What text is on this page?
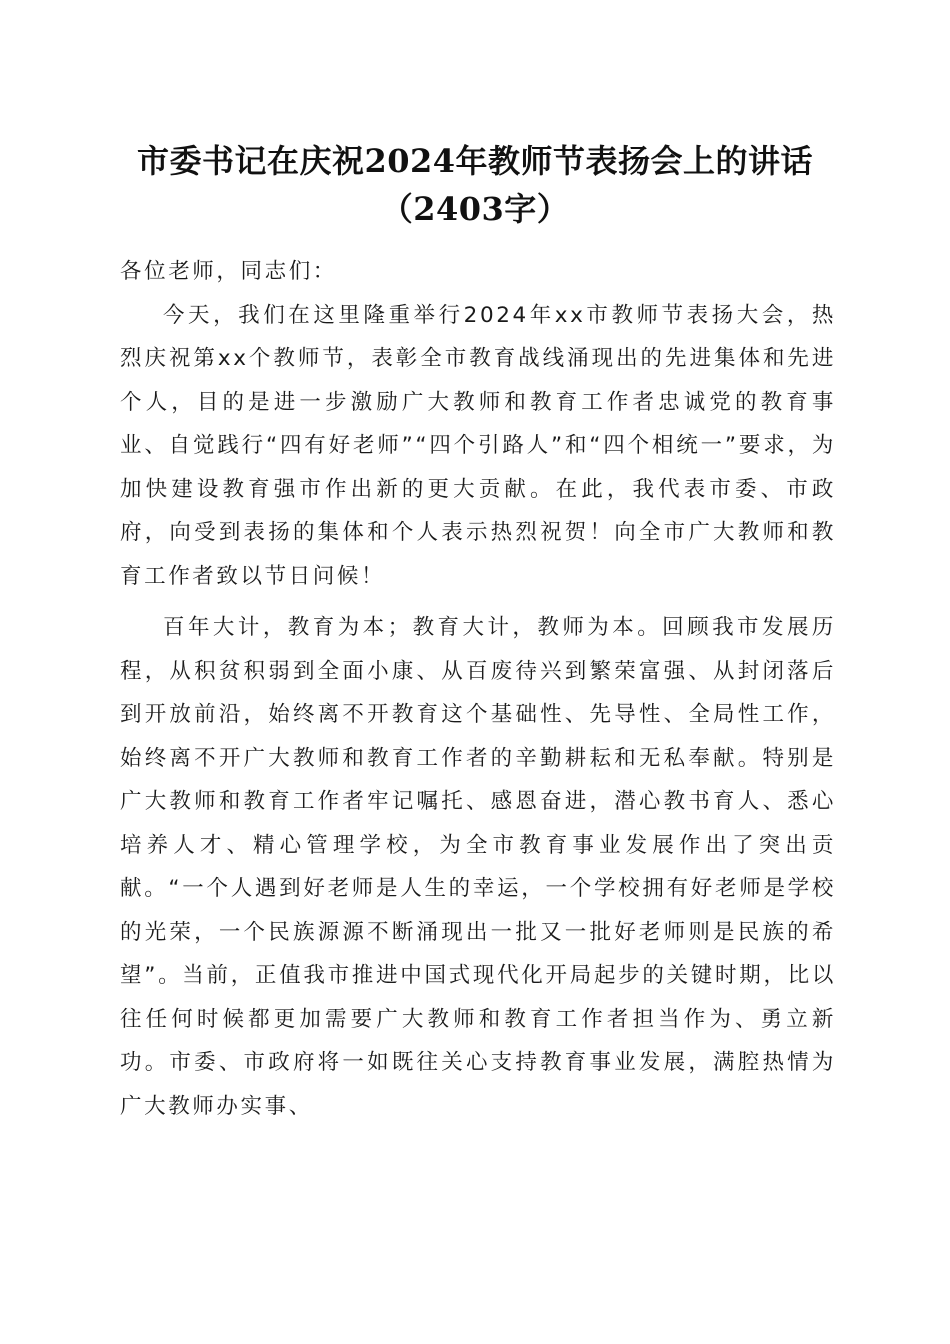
市委书记在庆祝2024年教师节表扬会上的讲话（2403字）

各位老师，同志们：

今天，我们在这里隆重举行2024年xx市教师节表扬大会，热烈庆祝第xx个教师节，表彰全市教育战线涌现出的先进集体和先进个人，目的是进一步激励广大教师和教育工作者忠诚党的教育事业、自觉践行“四有好老师”“四个引路人”和“四个相统一”要求，为加快建设教育强市作出新的更大贡献。在此，我代表市委、市政府，向受到表扬的集体和个人表示热烈祝贺！向全市广大教师和教育工作者致以节日问候！

百年大计，教育为本；教育大计，教师为本。回顾我市发展历程，从积贫积弱到全面小康、从百废待兴到繁荣富强、从封闭落后到开放前沿，始终离不开教育这个基础性、先导性、全局性工作，始终离不开广大教师和教育工作者的辛勤耕耘和无私奉献。特别是广大教师和教育工作者牢记嘱托、感恩奋进，潜心教书育人、悉心培养人才、精心管理学校，为全市教育事业发展作出了突出贡献。“一个人遇到好老师是人生的幸运，一个学校拥有好老师是学校的光荣，一个民族源源不断涌现出一批又一批好老师则是民族的希望”。当前，正值我市推进中国式现代化开局起步的关键时期，比以往任何时候都更加需要广大教师和教育工作者担当作为、勇立新功。市委、市政府将一如既往关心支持教育事业发展，满腔热情为广大教师办实事、
